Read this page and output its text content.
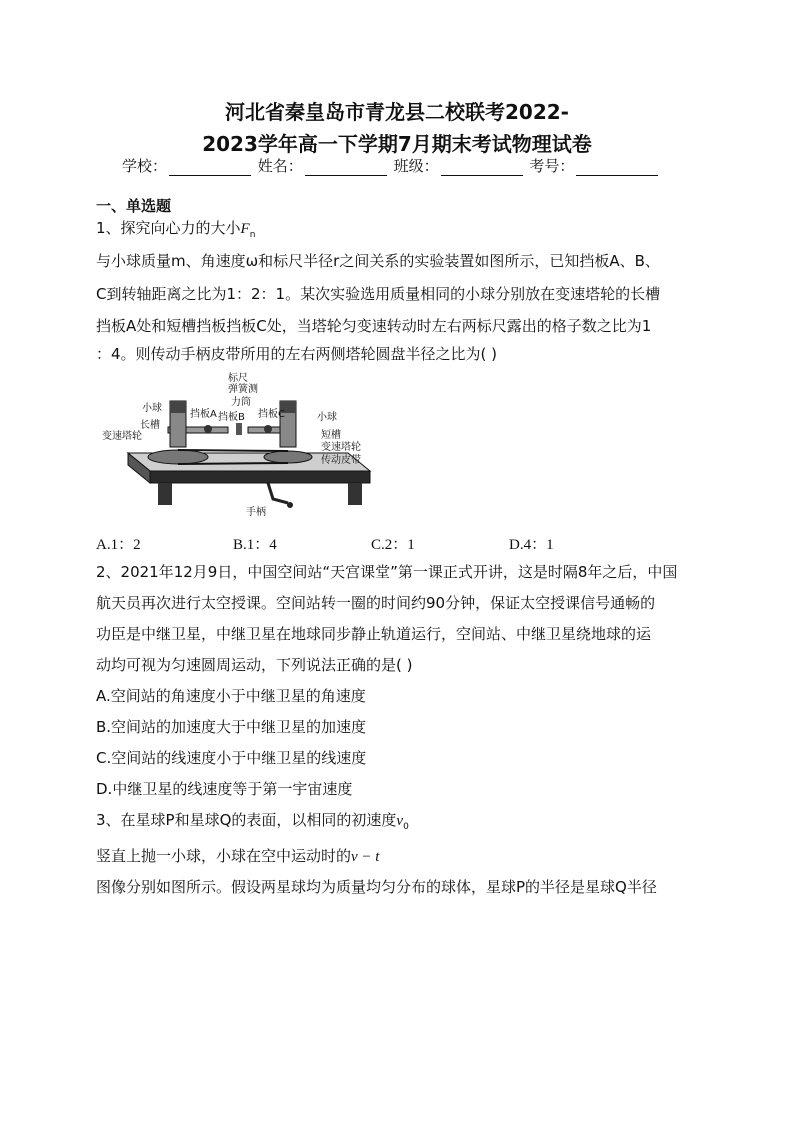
河北省秦皇岛市青龙县二校联考2022-
2023学年高一下学期7月期末考试物理试卷
学校：	姓名：	班级：	考号：
一、单选题
1、探究向心力的大小$F_n$
与小球质量m、角速度ω和标尺半径r之间关系的实验装置如图所示，已知挡板A、B、
C到转轴距离之比为1：2：1。某次实验选用质量相同的小球分别放在变速塔轮的长槽
挡板A处和短槽挡板挡板C处，当塔轮匀变速转动时左右两标尺露出的格子数之比为1
：4。则传动手柄皮带所用的左右两侧塔轮圆盘半径之比为( )
标尺
弹簧测
力筒
小球
小球
挡板A 挡板B 挡板C
长槽
短槽
变速塔轮
变速塔轮
传动皮带
手柄
A.1：2	B.1：4	C.2：1	D.4：1
2、2021年12月9日，中国空间站“天宫课堂”第一课正式开讲，这是时隔8年之后，中国
航天员再次进行太空授课。空间站转一圈的时间约90分钟，保证太空授课信号通畅的
功臣是中继卫星，中继卫星在地球同步静止轨道运行，空间站、中继卫星绕地球的运
动均可视为匀速圆周运动，下列说法正确的是( )
A.空间站的角速度小于中继卫星的角速度
B.空间站的加速度大于中继卫星的加速度
C.空间站的线速度小于中继卫星的线速度
D.中继卫星的线速度等于第一宇宙速度
3、在星球P和星球Q的表面，以相同的初速度$v_0$
竖直上抛一小球，小球在空中运动时的v − t
图像分别如图所示。假设两星球均为质量均匀分布的球体，星球P的半径是星球Q半径
